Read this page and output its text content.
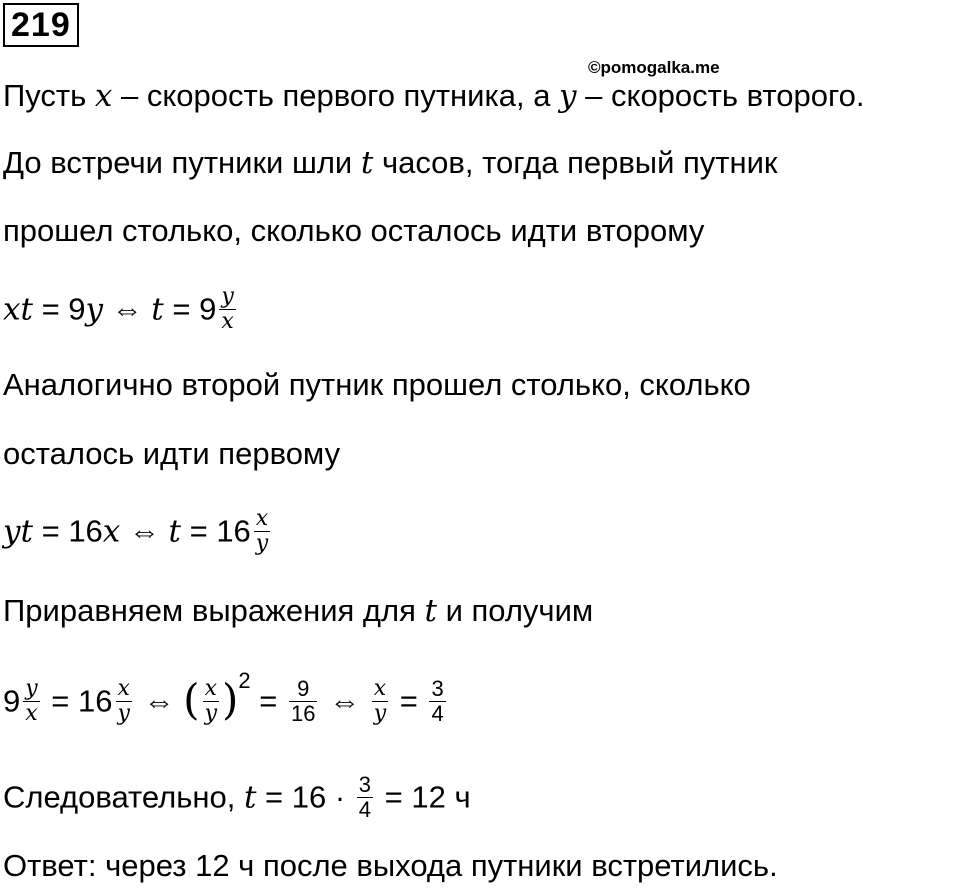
219
©pomogalka.me
Пусть x – скорость первого путника, а y – скорость второго.
До встречи путники шли t часов, тогда первый путник
прошел столько, сколько осталось идти второму
xt = 9y ⇔ $t = 9 \frac{y}{x}$
Аналогично второй путник прошел столько, сколько
осталось идти первому
yt = 16x ⇔ $t = 16 \frac{x}{y}$
Приравняем выражения для t и получим
$9 \frac{y}{x} = 16 \frac{x}{y}$ ⇔ ( $\frac{x}{y} )^2 = \frac{9}{16}$ ⇔ $\frac{x}{y} = \frac{3}{4}$
Следовательно, $t = 16 \cdot \frac{3}{4} = 12$ ч
Ответ: через 12 ч после выхода путники встретились.
